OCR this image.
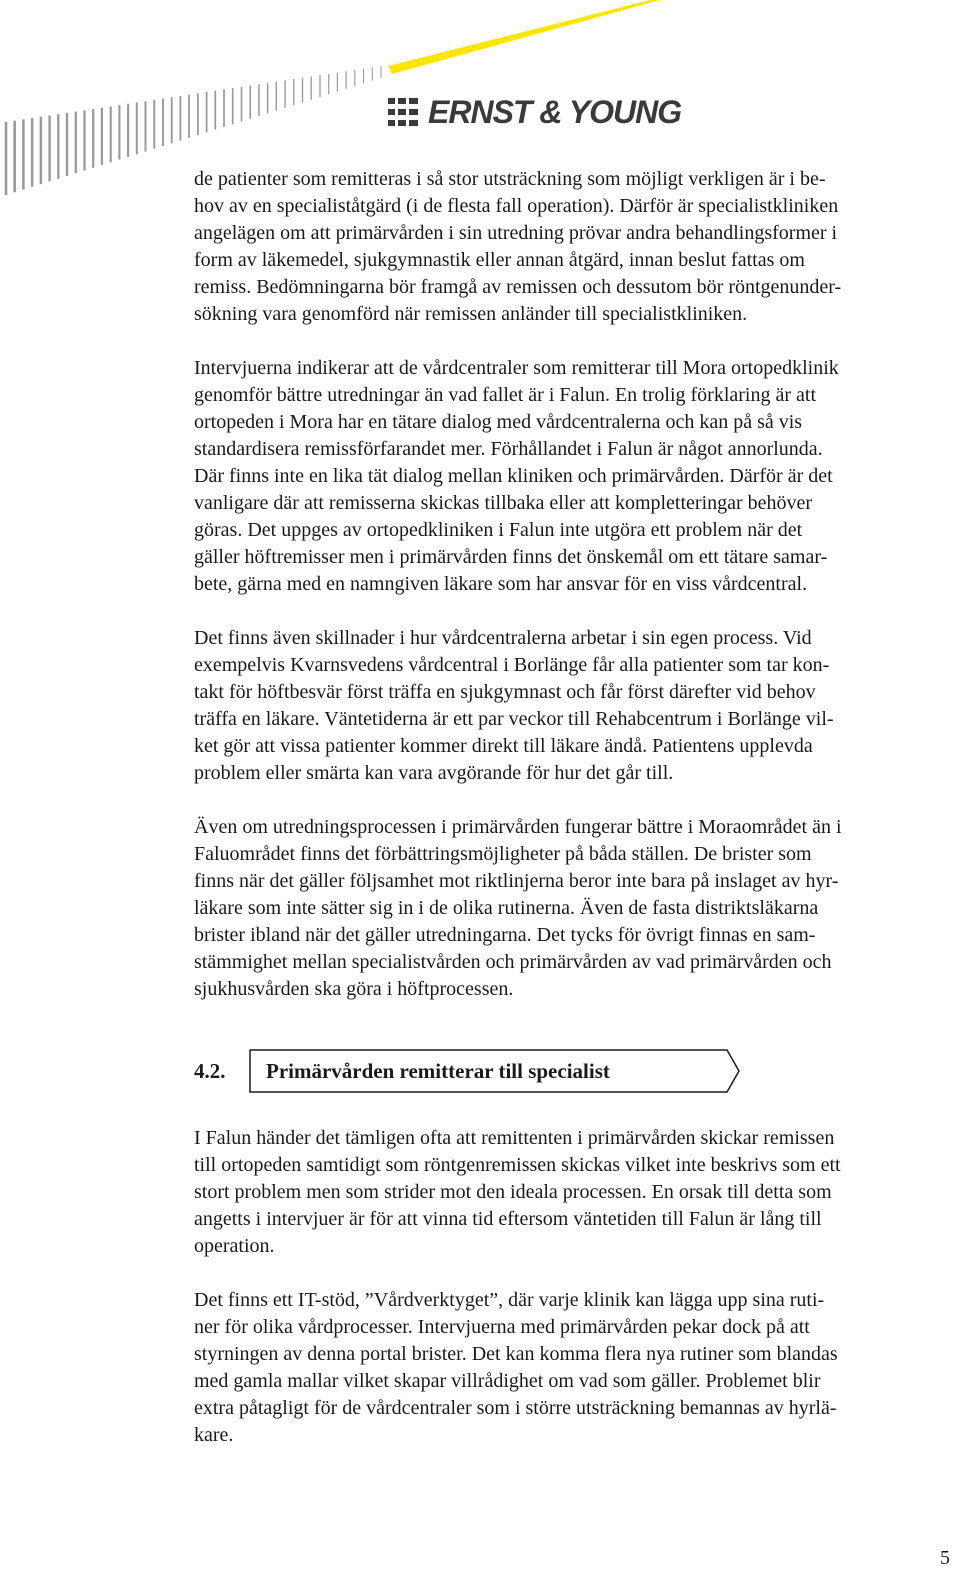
ERNST & YOUNG

de patienter som remitteras i så stor utsträckning som möjligt verkligen är i be-
hov av en specialiståtgärd (i de flesta fall operation). Därför är specialistkliniken
angelägen om att primärvården i sin utredning prövar andra behandlingsformer i
form av läkemedel, sjukgymnastik eller annan åtgärd, innan beslut fattas om
remiss. Bedömningarna bör framgå av remissen och dessutom bör röntgenunder-
sökning vara genomförd när remissen anländer till specialistkliniken.

Intervjuerna indikerar att de vårdcentraler som remitterar till Mora ortopedklinik
genomför bättre utredningar än vad fallet är i Falun. En trolig förklaring är att
ortopeden i Mora har en tätare dialog med vårdcentralerna och kan på så vis
standardisera remissförfarandet mer. Förhållandet i Falun är något annorlunda.
Där finns inte en lika tät dialog mellan kliniken och primärvården. Därför är det
vanligare där att remisserna skickas tillbaka eller att kompletteringar behöver
göras. Det uppges av ortopedkliniken i Falun inte utgöra ett problem när det
gäller höftremisser men i primärvården finns det önskemål om ett tätare samar-
bete, gärna med en namngiven läkare som har ansvar för en viss vårdcentral.

Det finns även skillnader i hur vårdcentralerna arbetar i sin egen process. Vid
exempelvis Kvarnsvedens vårdcentral i Borlänge får alla patienter som tar kon-
takt för höftbesvär först träffa en sjukgymnast och får först därefter vid behov
träffa en läkare. Väntetiderna är ett par veckor till Rehabcentrum i Borlänge vil-
ket gör att vissa patienter kommer direkt till läkare ändå. Patientens upplevda
problem eller smärta kan vara avgörande för hur det går till.

Även om utredningsprocessen i primärvården fungerar bättre i Moraområdet än i
Faluområdet finns det förbättringsmöjligheter på båda ställen. De brister som
finns när det gäller följsamhet mot riktlinjerna beror inte bara på inslaget av hyr-
läkare som inte sätter sig in i de olika rutinerna. Även de fasta distriktsläkarna
brister ibland när det gäller utredningarna. Det tycks för övrigt finnas en sam-
stämmighet mellan specialistvården och primärvården av vad primärvården och
sjukhusvården ska göra i höftprocessen.

4.2. Primärvården remitterar till specialist

I Falun händer det tämligen ofta att remittenten i primärvården skickar remissen
till ortopeden samtidigt som röntgenremissen skickas vilket inte beskrivs som ett
stort problem men som strider mot den ideala processen. En orsak till detta som
angetts i intervjuer är för att vinna tid eftersom väntetiden till Falun är lång till
operation.

Det finns ett IT-stöd, ”Vårdverktyget”, där varje klinik kan lägga upp sina ruti-
ner för olika vårdprocesser. Intervjuerna med primärvården pekar dock på att
styrningen av denna portal brister. Det kan komma flera nya rutiner som blandas
med gamla mallar vilket skapar villrådighet om vad som gäller. Problemet blir
extra påtagligt för de vårdcentraler som i större utsträckning bemannas av hyrlä-
kare.

5
